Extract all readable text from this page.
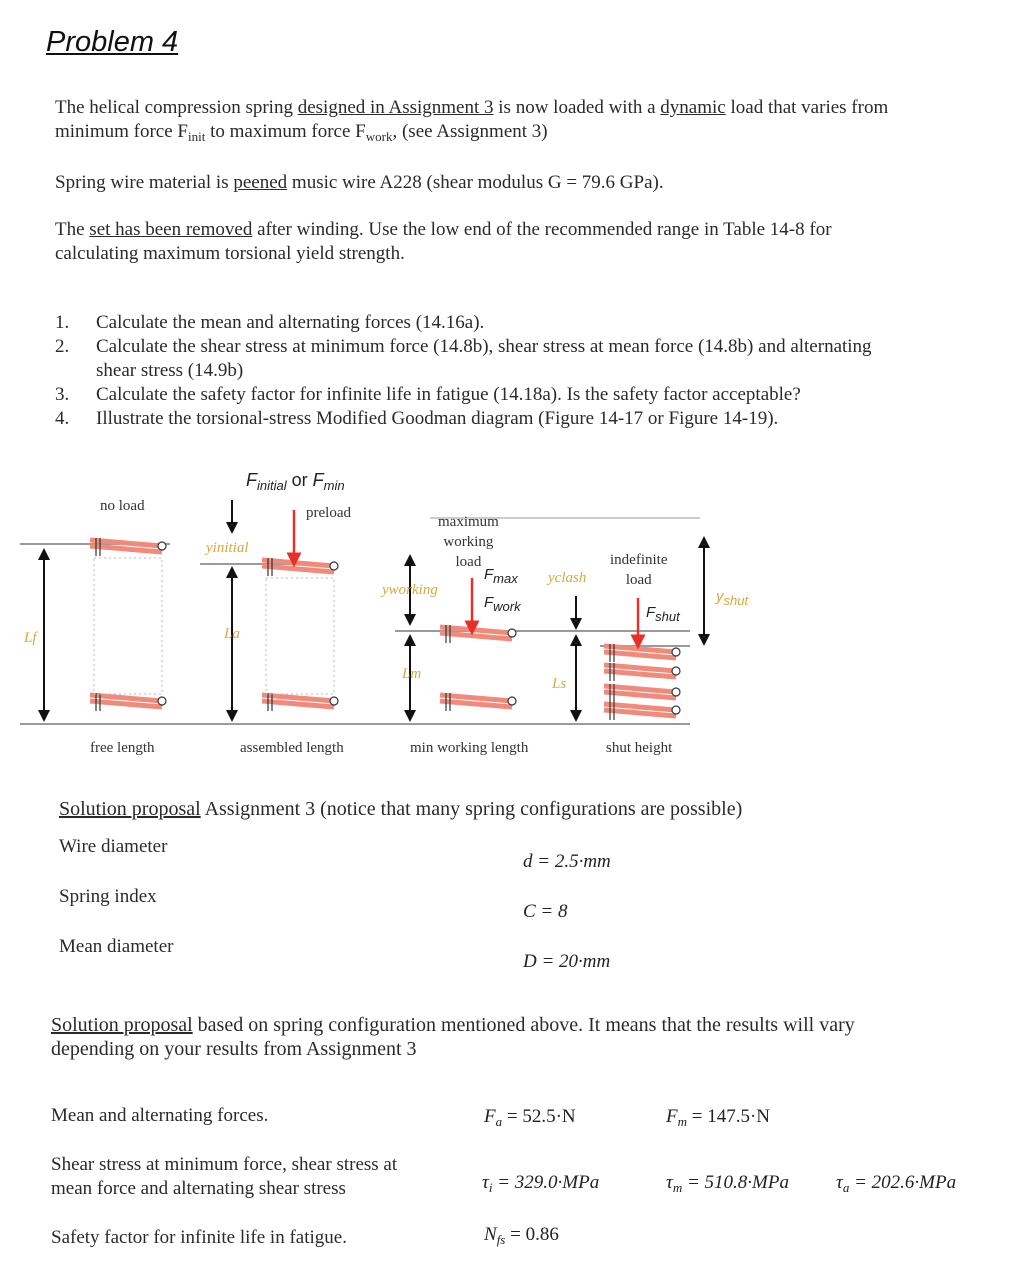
Problem 4
The helical compression spring designed in Assignment 3 is now loaded with a dynamic load that varies from
minimum force $F_{init}$ to maximum force $F_{work}$, (see Assignment 3)
Spring wire material is peened music wire A228 (shear modulus G = 79.6 GPa).
The set has been removed after winding. Use the low end of the recommended range in Table 14-8 for
calculating maximum torsional yield strength.
1. Calculate the mean and alternating forces (14.16a).
2. Calculate the shear stress at minimum force (14.8b), shear stress at mean force (14.8b) and alternating
shear stress (14.9b)
3. Calculate the safety factor for infinite life in fatigue (14.18a). Is the safety factor acceptable?
4. Illustrate the torsional-stress Modified Goodman diagram (Figure 14-17 or Figure 14-19).
$F_{initial}$ or $F_{min}$
no load	preload
maximum
working
load
yinitial
indefinite
load
$F_{max}$ yclash
yworking
$F_{work}$
$y_{shut}$
$F_{shut}$
Lf	La
Lm
Ls
free length	assembled length	min working length	shut height
Solution proposal Assignment 3 (notice that many spring configurations are possible)
Wire diameter
d = 2.5·mm
Spring index
C = 8
Mean diameter
D = 20·mm
Solution proposal based on spring configuration mentioned above. It means that the results will vary
depending on your results from Assignment 3
Mean and alternating forces.	$F_a = 52.5\cdot N$	$F_m = 147.5\cdot N$
Shear stress at minimum force, shear stress at
mean force and alternating shear stress	$\tau_i = 329.0\cdot MPa$	$\tau_m = 510.8\cdot MPa$ $\tau_a = 202.6\cdot MPa$
Safety factor for infinite life in fatigue.	$N_{fs} = 0.86$
